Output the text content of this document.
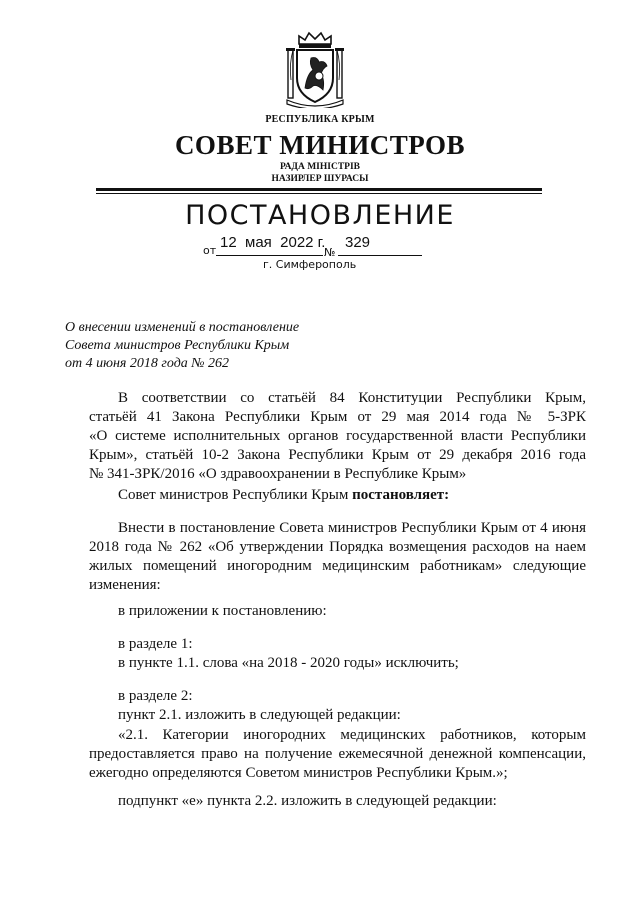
РЕСПУБЛИКА КРЫМ
СОВЕТ МИНИСТРОВ
РАДА МІНІСТРІВ
НАЗИРЛЕР ШУРАСЫ
ПОСТАНОВЛЕНИЕ
от 12  мая  2022 г.
№
329
г. Симферополь
О внесении изменений в постановление
Совета министров Республики Крым
от 4 июня 2018 года № 262
В соответствии со статьёй 84 Конституции Республики Крым,
статьёй 41 Закона Республики Крым от 29 мая 2014 года № 5-ЗРК
«О системе исполнительных органов государственной власти Республики
Крым», статьёй 10-2 Закона Республики Крым от 29 декабря 2016 года
№ 341-ЗРК/2016 «О здравоохранении в Республике Крым»
Совет министров Республики Крым постановляет:
Внести в постановление Совета министров Республики Крым от 4 июня
2018 года № 262 «Об утверждении Порядка возмещения расходов на наем
жилых помещений иногородним медицинским работникам» следующие
изменения:
в приложении к постановлению:
в разделе 1:
в пункте 1.1. слова «на 2018 - 2020 годы» исключить;
в разделе 2:
пункт 2.1. изложить в следующей редакции:
«2.1.  Категории  иногородних  медицинских  работников,  которым
предоставляется право на получение ежемесячной денежной компенсации,
ежегодно определяются Советом министров Республики Крым.»;
подпункт «е» пункта 2.2. изложить в следующей редакции:
